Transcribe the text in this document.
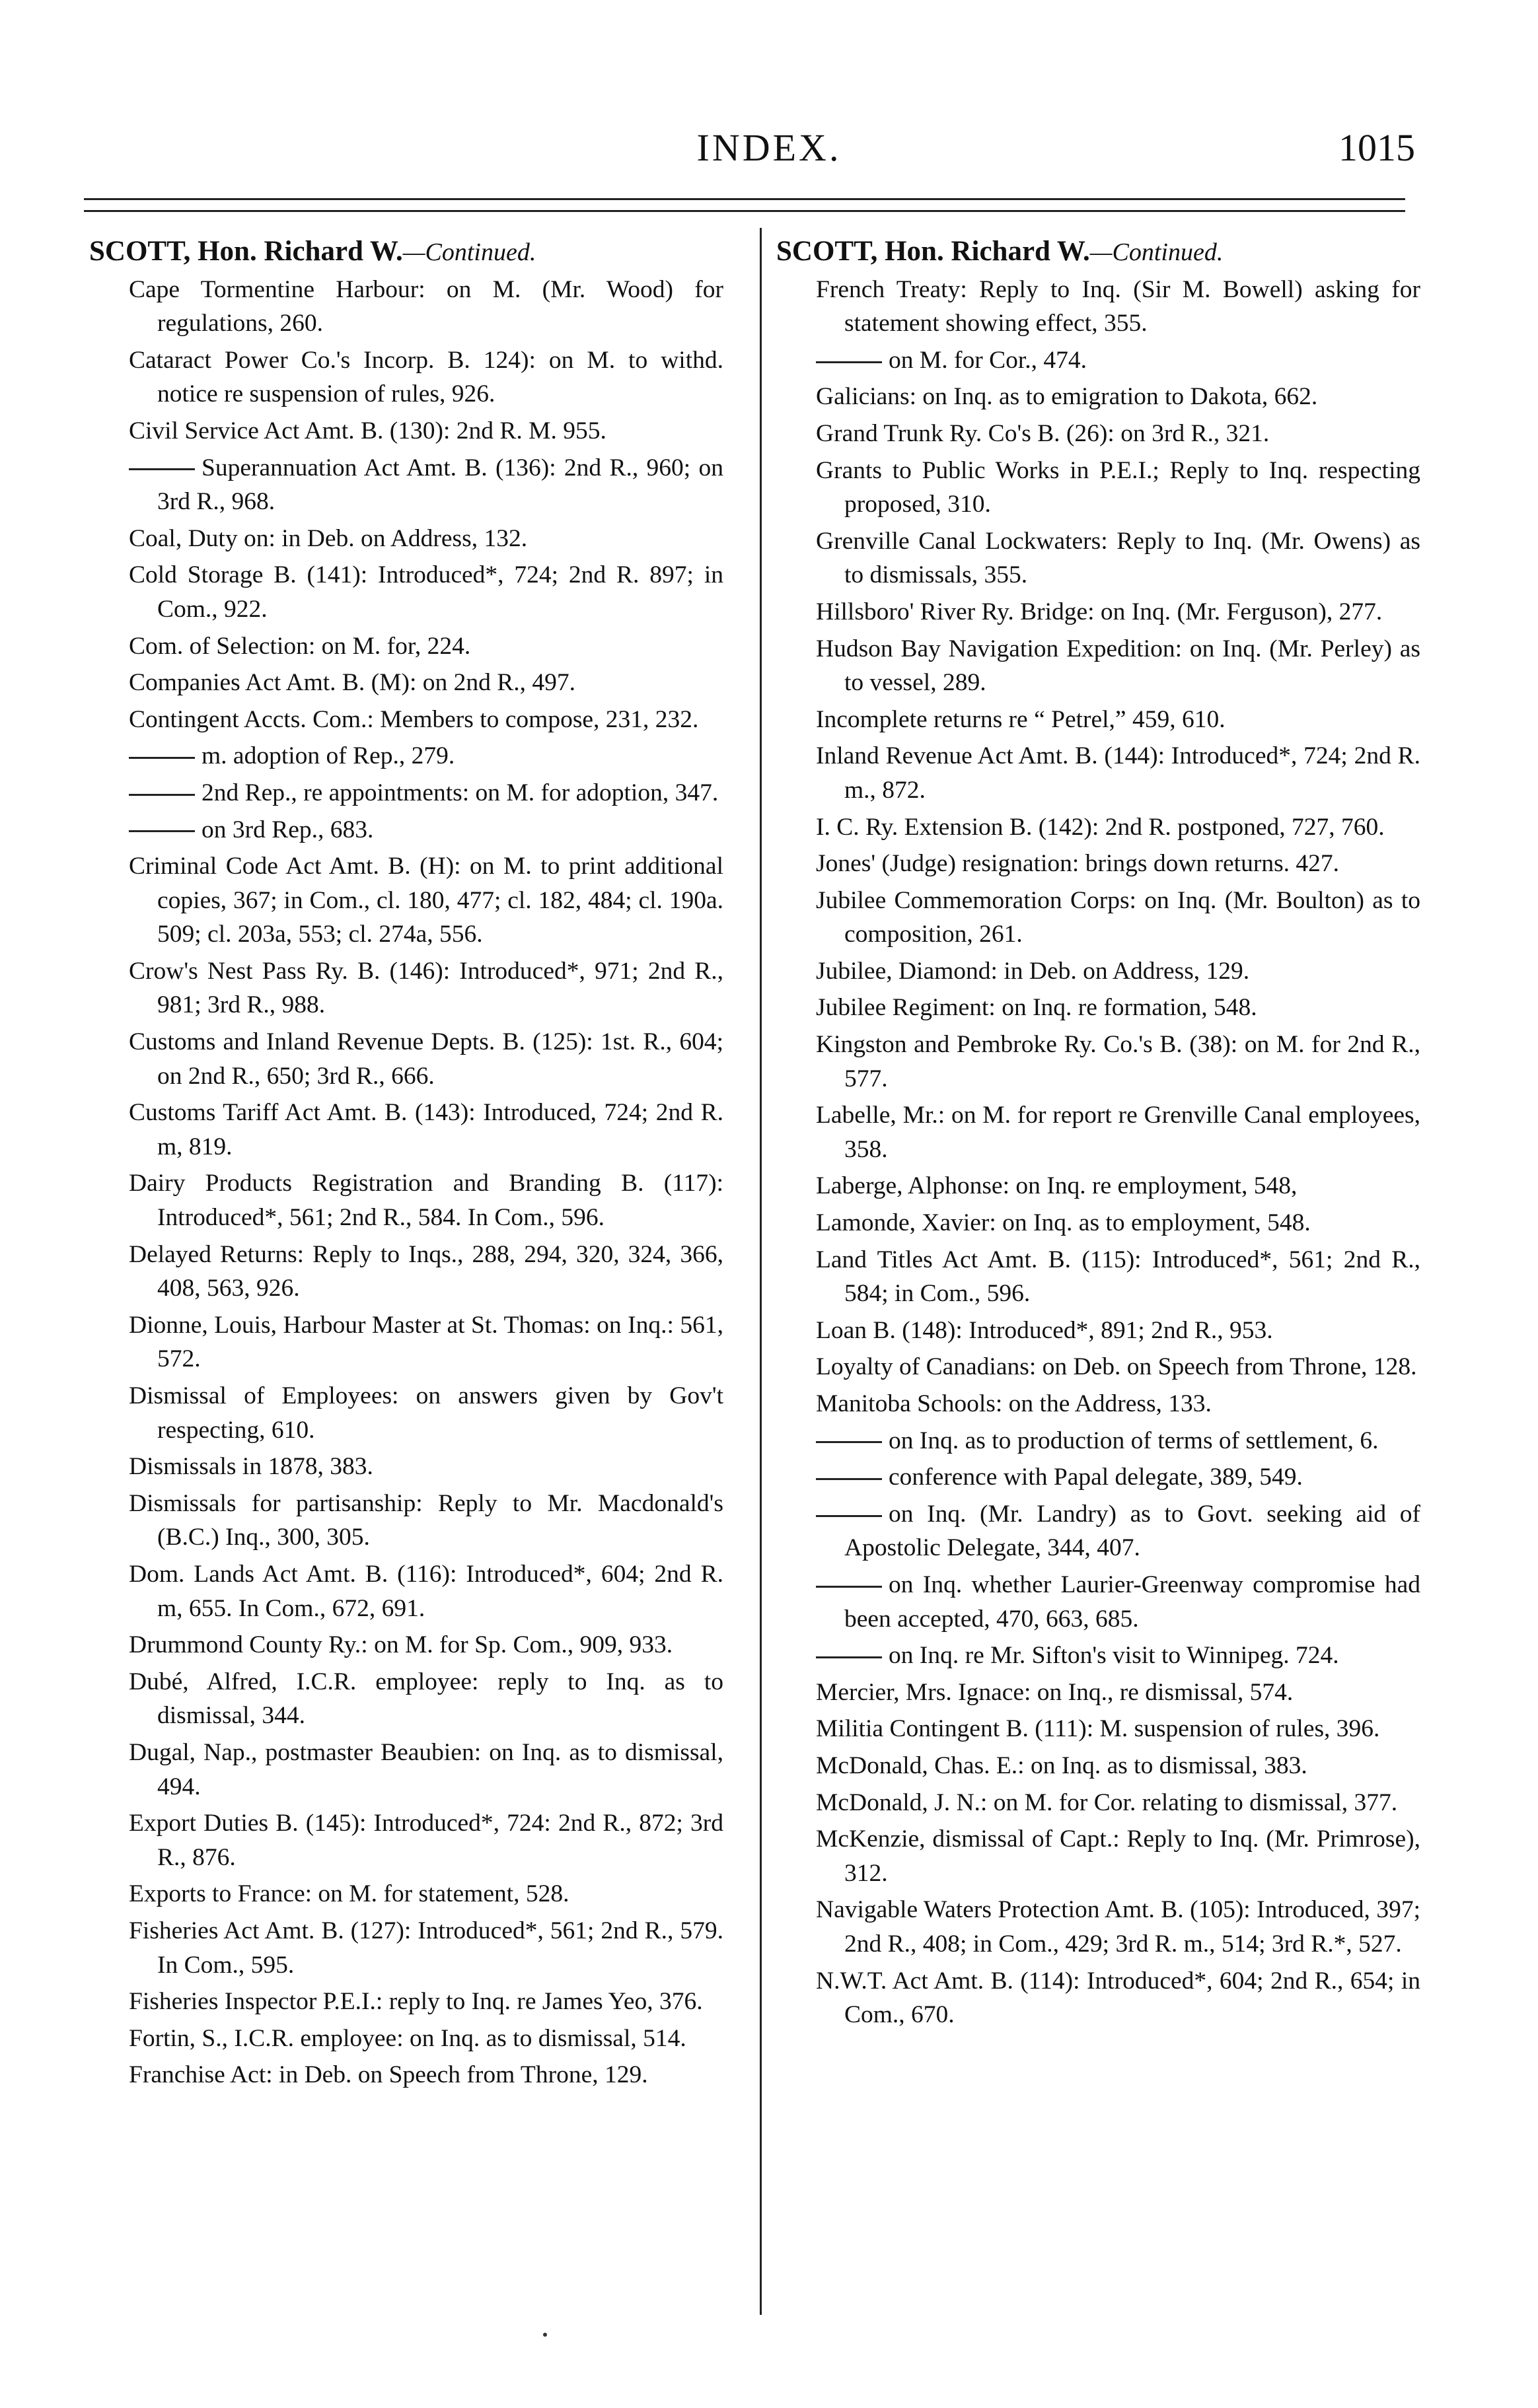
INDEX.	1015
SCOTT, Hon. Richard W.—Continued.
Cape Tormentine Harbour: on M. (Mr. Wood) for regulations, 260.
Cataract Power Co.'s Incorp. B. 124): on M. to withd. notice re suspension of rules, 926.
Civil Service Act Amt. B. (130): 2nd R. M. 955.
Superannuation Act Amt. B. (136): 2nd R., 960; on 3rd R., 968.
Coal, Duty on: in Deb. on Address, 132.
Cold Storage B. (141): Introduced*, 724; 2nd R. 897; in Com., 922.
Com. of Selection: on M. for, 224.
Companies Act Amt. B. (M): on 2nd R., 497.
Contingent Accts. Com.: Members to compose, 231, 232.
m. adoption of Rep., 279.
2nd Rep., re appointments: on M. for adoption, 347.
on 3rd Rep., 683.
Criminal Code Act Amt. B. (H): on M. to print additional copies, 367; in Com., cl. 180, 477; cl. 182, 484; cl. 190a. 509; cl. 203a, 553; cl. 274a, 556.
Crow's Nest Pass Ry. B. (146): Introduced*, 971; 2nd R., 981; 3rd R., 988.
Customs and Inland Revenue Depts. B. (125): 1st. R., 604; on 2nd R., 650; 3rd R., 666.
Customs Tariff Act Amt. B. (143): Introduced, 724; 2nd R. m, 819.
Dairy Products Registration and Branding B. (117): Introduced*, 561; 2nd R., 584. In Com., 596.
Delayed Returns: Reply to Inqs., 288, 294, 320, 324, 366, 408, 563, 926.
Dionne, Louis, Harbour Master at St. Thomas: on Inq.: 561, 572.
Dismissal of Employees: on answers given by Gov't respecting, 610.
Dismissals in 1878, 383.
Dismissals for partisanship: Reply to Mr. Macdonald's (B.C.) Inq., 300, 305.
Dom. Lands Act Amt. B. (116): Introduced*, 604; 2nd R. m, 655. In Com., 672, 691.
Drummond County Ry.: on M. for Sp. Com., 909, 933.
Dubé, Alfred, I.C.R. employee: reply to Inq. as to dismissal, 344.
Dugal, Nap., postmaster Beaubien: on Inq. as to dismissal, 494.
Export Duties B. (145): Introduced*, 724: 2nd R., 872; 3rd R., 876.
Exports to France: on M. for statement, 528.
Fisheries Act Amt. B. (127): Introduced*, 561; 2nd R., 579. In Com., 595.
Fisheries Inspector P.E.I.: reply to Inq. re James Yeo, 376.
Fortin, S., I.C.R. employee: on Inq. as to dismissal, 514.
Franchise Act: in Deb. on Speech from Throne, 129.
SCOTT, Hon. Richard W.—Continued.
French Treaty: Reply to Inq. (Sir M. Bowell) asking for statement showing effect, 355.
on M. for Cor., 474.
Galicians: on Inq. as to emigration to Dakota, 662.
Grand Trunk Ry. Co's B. (26): on 3rd R., 321.
Grants to Public Works in P.E.I.; Reply to Inq. respecting proposed, 310.
Grenville Canal Lockwaters: Reply to Inq. (Mr. Owens) as to dismissals, 355.
Hillsboro' River Ry. Bridge: on Inq. (Mr. Ferguson), 277.
Hudson Bay Navigation Expedition: on Inq. (Mr. Perley) as to vessel, 289.
Incomplete returns re “ Petrel,” 459, 610.
Inland Revenue Act Amt. B. (144): Introduced*, 724; 2nd R. m., 872.
I. C. Ry. Extension B. (142): 2nd R. postponed, 727, 760.
Jones' (Judge) resignation: brings down returns. 427.
Jubilee Commemoration Corps: on Inq. (Mr. Boulton) as to composition, 261.
Jubilee, Diamond: in Deb. on Address, 129.
Jubilee Regiment: on Inq. re formation, 548.
Kingston and Pembroke Ry. Co.'s B. (38): on M. for 2nd R., 577.
Labelle, Mr.: on M. for report re Grenville Canal employees, 358.
Laberge, Alphonse: on Inq. re employment, 548,
Lamonde, Xavier: on Inq. as to employment, 548.
Land Titles Act Amt. B. (115): Introduced*, 561; 2nd R., 584; in Com., 596.
Loan B. (148): Introduced*, 891; 2nd R., 953.
Loyalty of Canadians: on Deb. on Speech from Throne, 128.
Manitoba Schools: on the Address, 133.
on Inq. as to production of terms of settlement, 6.
conference with Papal delegate, 389, 549.
on Inq. (Mr. Landry) as to Govt. seeking aid of Apostolic Delegate, 344, 407.
on Inq. whether Laurier-Greenway compromise had been accepted, 470, 663, 685.
on Inq. re Mr. Sifton's visit to Winnipeg. 724.
Mercier, Mrs. Ignace: on Inq., re dismissal, 574.
Militia Contingent B. (111): M. suspension of rules, 396.
McDonald, Chas. E.: on Inq. as to dismissal, 383.
McDonald, J. N.: on M. for Cor. relating to dismissal, 377.
McKenzie, dismissal of Capt.: Reply to Inq. (Mr. Primrose), 312.
Navigable Waters Protection Amt. B. (105): Introduced, 397; 2nd R., 408; in Com., 429; 3rd R. m., 514; 3rd R.*, 527.
N.W.T. Act Amt. B. (114): Introduced*, 604; 2nd R., 654; in Com., 670.
